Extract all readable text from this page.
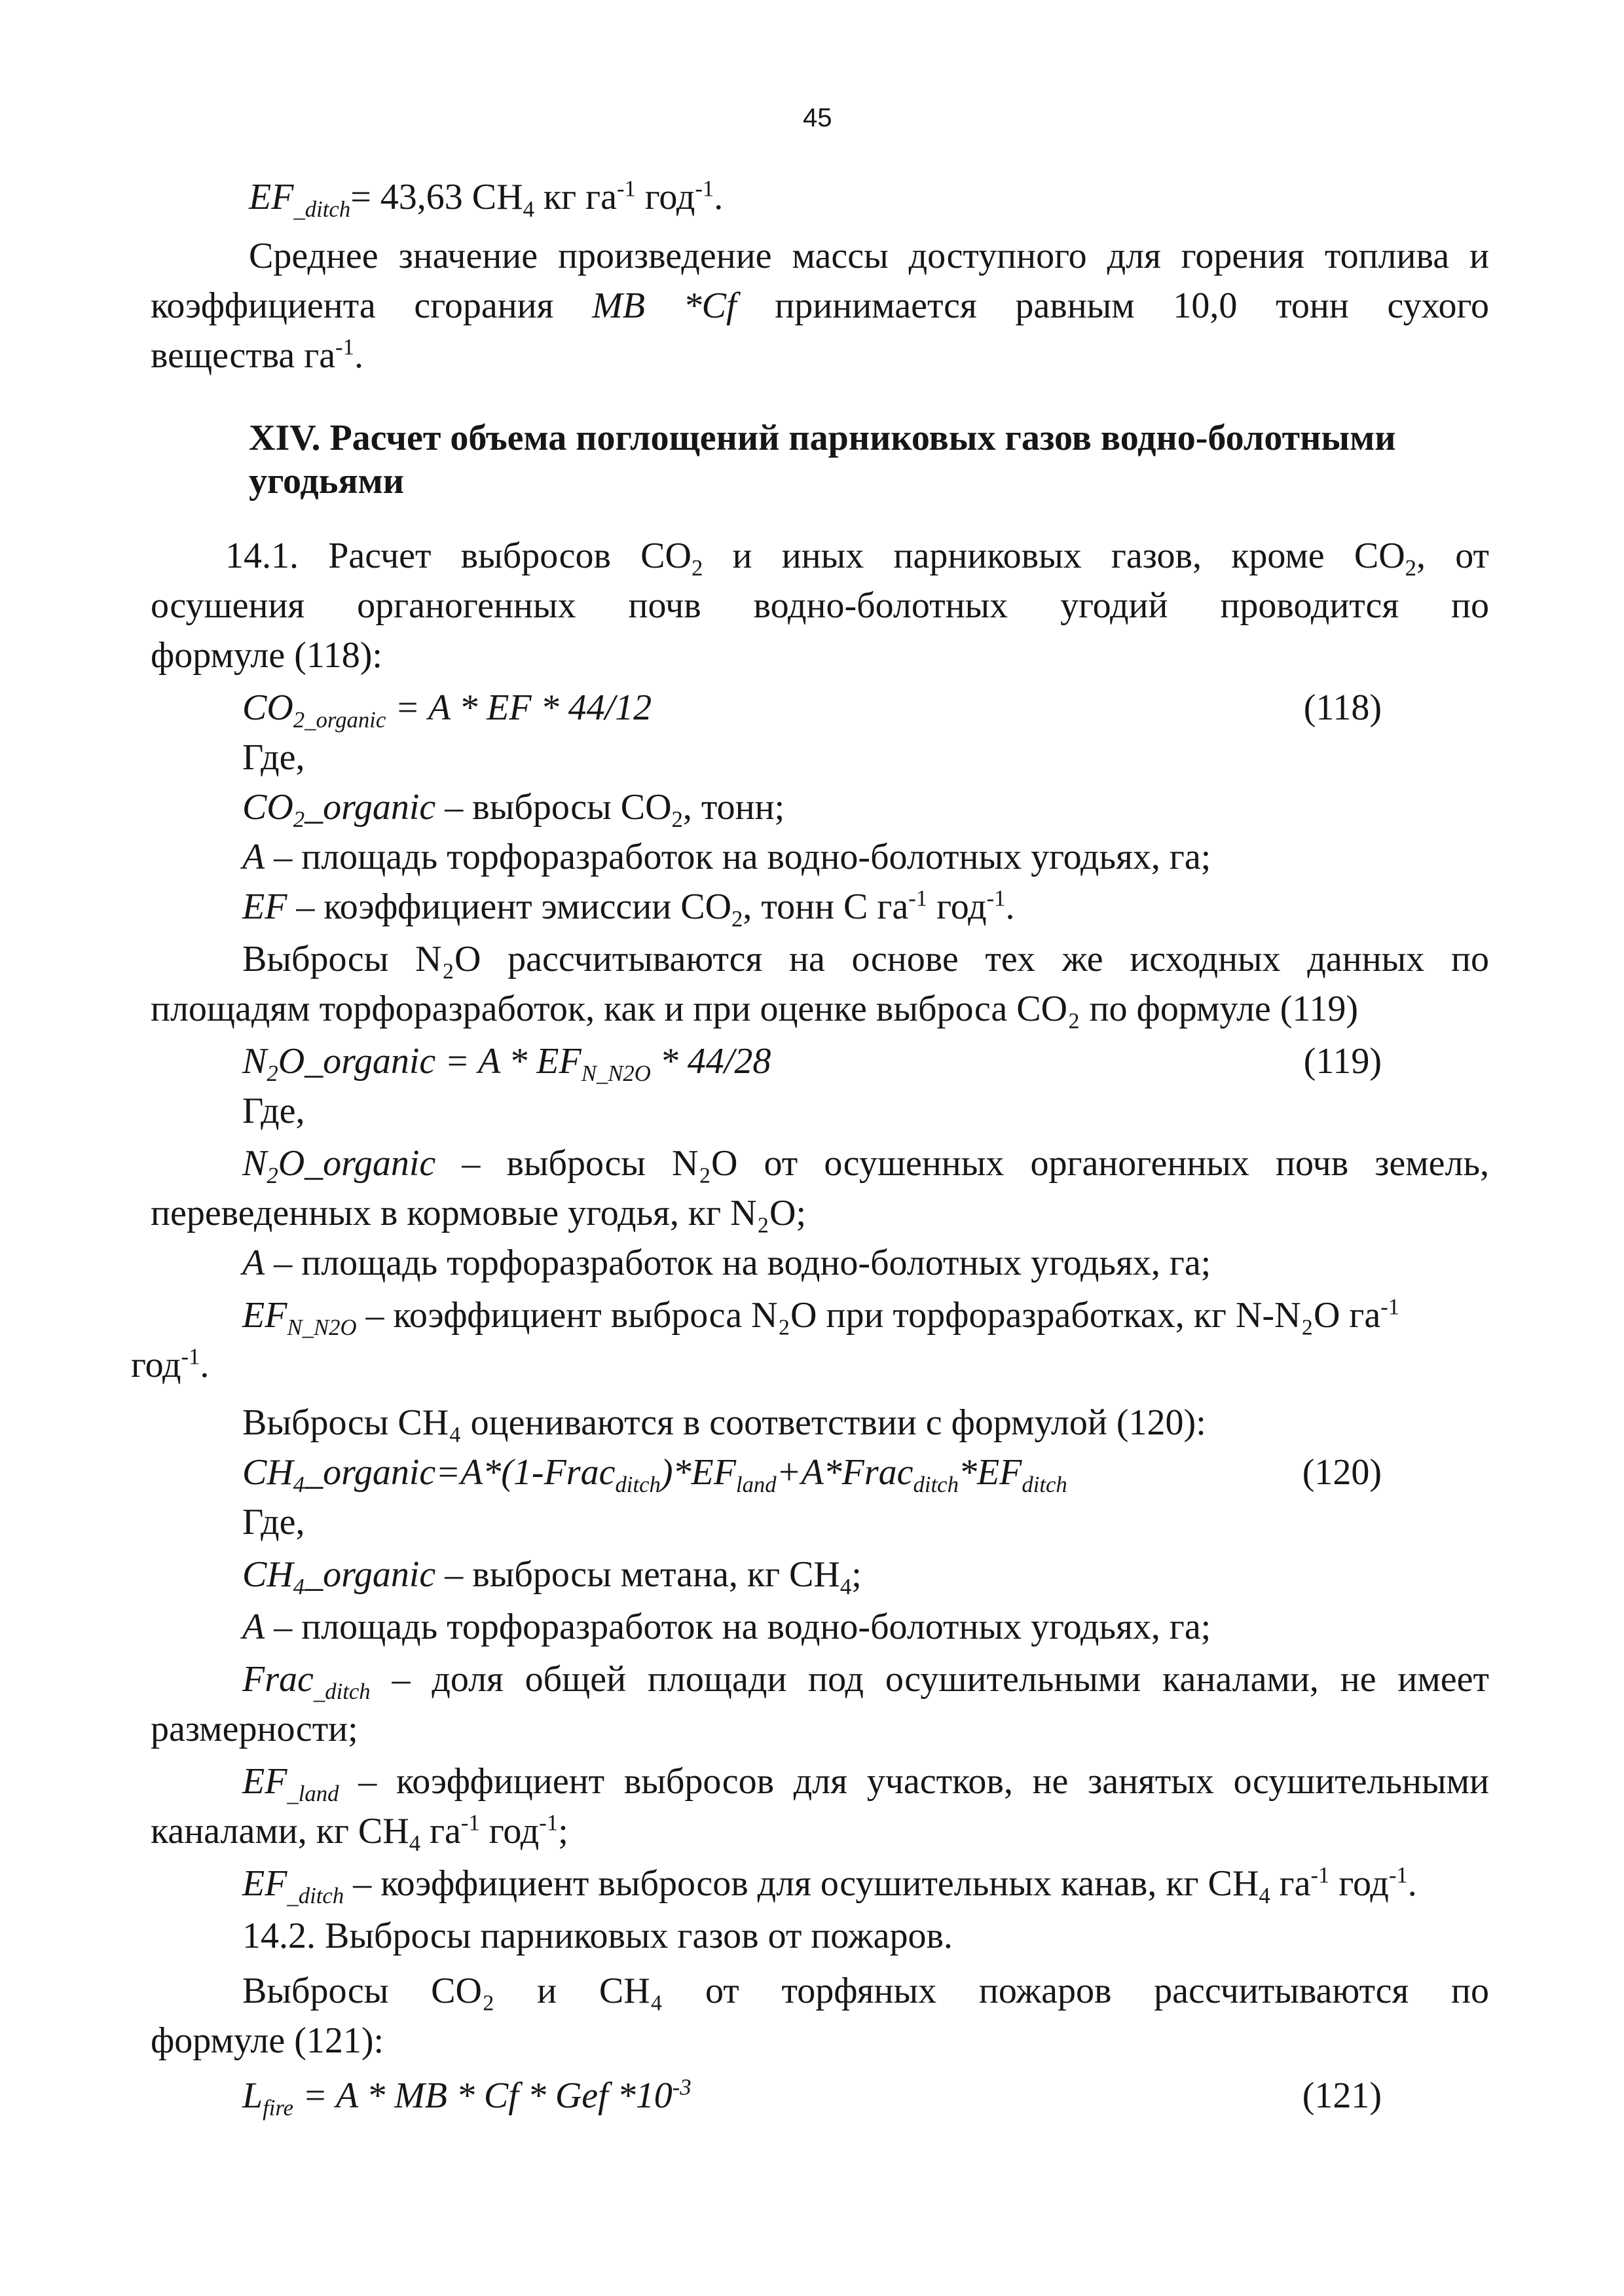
45
$EF_{\_ditch}= 43,63$ $CH_4$ кг $га^{-1}$ год$^{-1}$.
Среднее значение произведение массы доступного для горения топлива и
коэффициента сгорания MB *Cf принимается равным 10,0 тонн сухого
вещества $га^{-1}$.
XIV. Расчет объема поглощений парниковых газов водно-болотными
угодьями
14.1. Расчет выбросов $CO_2$ и иных парниковых газов, кроме $CO_2$, от
осушения органогенных почв водно-болотных угодий проводится по
формуле (118):
$CO_{2\_organic} = A$ * EF * 44/12	(118)
Где,
$CO_2\_organic$ – выбросы $CO_2$, тонн;
A – площадь торфоразработок на водно-болотных угодьях, га;
EF – коэффициент эмиссии $CO_2$, тонн C $га^{-1}$ год$^{-1}$.
Выбросы N₂O рассчитываются на основе тех же исходных данных по
площадям торфоразработок, как и при оценке выброса CO₂ по формуле (119)
$N_2O\_organic = A * EF_{N\_N2O} * 44/28$	(119)
Где,
$N_2O\_organic$ – выбросы N₂O от осушенных органогенных почв земель,
переведенных в кормовые угодья, кг N₂O;
A – площадь торфоразработок на водно-болотных угодьях, га;
$EF_{N\_N2O}$ – коэффициент выброса N₂O при торфоразработках, кг N-N₂O $га^{-1}$
год$^{-1}$.
Выбросы CH₄ оцениваются в соответствии с формулой (120):
$CH_4\_organic=A*(1-Frac_{ditch})*EF_{land}+A*Frac_{ditch}*EF_{ditch}$	(120)
Где,
$CH_4\_organic$ – выбросы метана, кг $CH_4$;
A – площадь торфоразработок на водно-болотных угодьях, га;
Frac$_{\_ditch}$ – доля общей площади под осушительными каналами, не имеет
размерности;
$EF_{\_land}$ – коэффициент выбросов для участков, не занятых осушительными
каналами, кг $CH_4$ $га^{-1}$ год$^{-1}$;
$EF_{\_ditch}$ – коэффициент выбросов для осушительных канав, кг $CH_4$ $га^{-1}$ год$^{-1}$.
14.2. Выбросы парниковых газов от пожаров.
Выбросы CO₂ и CH₄ от торфяных пожаров рассчитываются по
формуле (121):
$L_{fire} = A$ * MB * Cf * Gef $*10^{-3}$	(121)
